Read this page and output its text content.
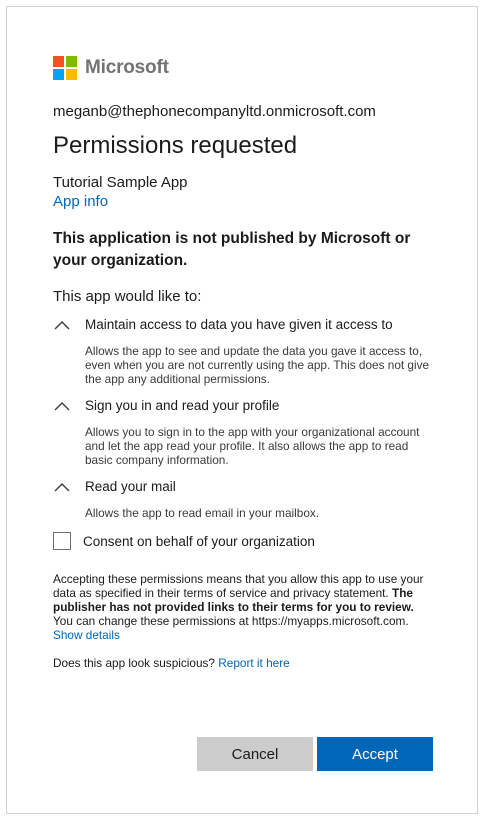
Microsoft
meganb@thephonecompanyltd.onmicrosoft.com
Permissions requested
Tutorial Sample App
App info
This application is not published by Microsoft or your organization.
This app would like to:
Maintain access to data you have given it access to
Allows the app to see and update the data you gave it access to, even when you are not currently using the app. This does not give the app any additional permissions.
Sign you in and read your profile
Allows you to sign in to the app with your organizational account and let the app read your profile. It also allows the app to read basic company information.
Read your mail
Allows the app to read email in your mailbox.
Consent on behalf of your organization
Accepting these permissions means that you allow this app to use your data as specified in their terms of service and privacy statement. The publisher has not provided links to their terms for you to review. You can change these permissions at https://myapps.microsoft.com. Show details
Does this app look suspicious? Report it here
Cancel	Accept
